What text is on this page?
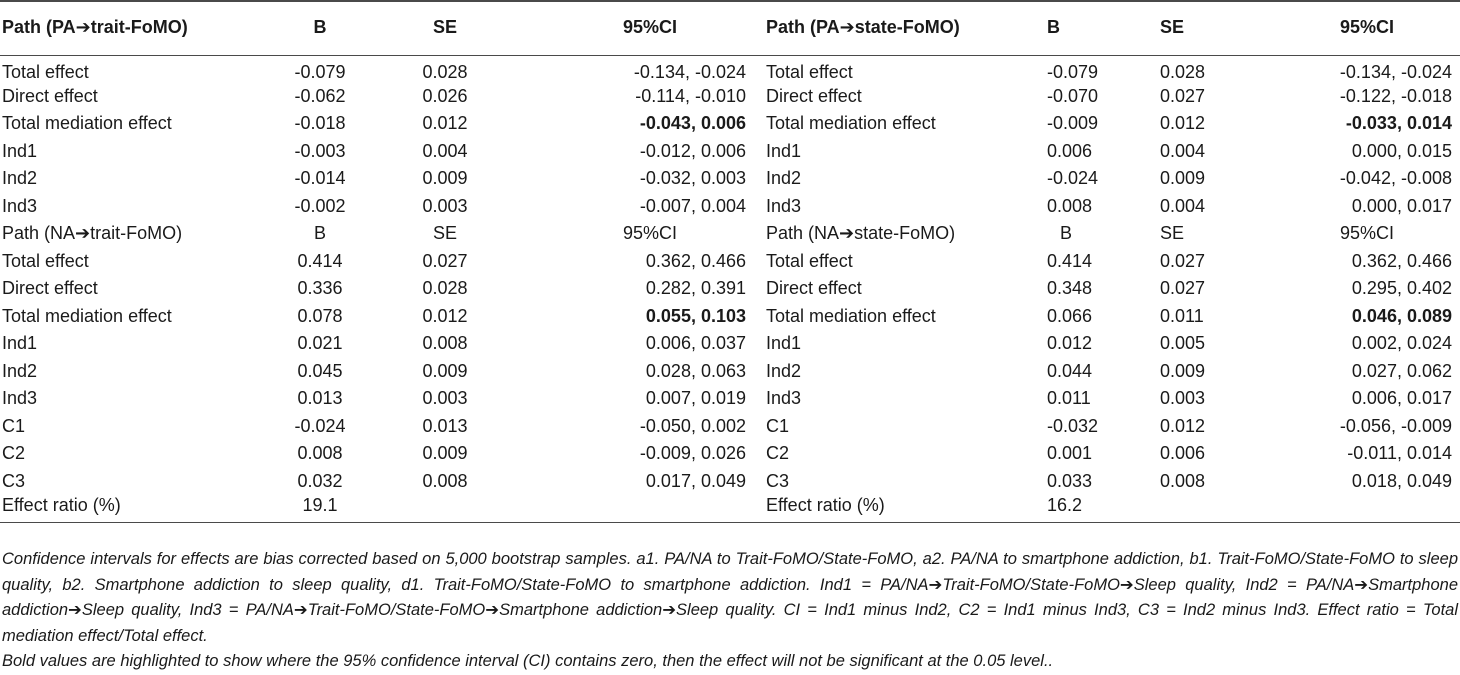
Path (PA➔trait-FoMO)	B	SE	95%CI	Path (PA➔state-FoMO)	B	SE	95%CI
Total effect	-0.079	0.028	-0.134, -0.024	Total effect	-0.079	0.028	-0.134, -0.024
Direct effect	-0.062	0.026	-0.114, -0.010	Direct effect	-0.070	0.027	-0.122, -0.018
Total mediation effect	-0.018	0.012	-0.043, 0.006	Total mediation effect	-0.009	0.012	-0.033, 0.014
Ind1	-0.003	0.004	-0.012, 0.006	Ind1	0.006	0.004	0.000, 0.015
Ind2	-0.014	0.009	-0.032, 0.003	Ind2	-0.024	0.009	-0.042, -0.008
Ind3	-0.002	0.003	-0.007, 0.004	Ind3	0.008	0.004	0.000, 0.017
Path (NA➔trait-FoMO)	B	SE	95%CI	Path (NA➔state-FoMO)	B	SE	95%CI
Total effect	0.414	0.027	0.362, 0.466	Total effect	0.414	0.027	0.362, 0.466
Direct effect	0.336	0.028	0.282, 0.391	Direct effect	0.348	0.027	0.295, 0.402
Total mediation effect	0.078	0.012	0.055, 0.103	Total mediation effect	0.066	0.011	0.046, 0.089
Ind1	0.021	0.008	0.006, 0.037	Ind1	0.012	0.005	0.002, 0.024
Ind2	0.045	0.009	0.028, 0.063	Ind2	0.044	0.009	0.027, 0.062
Ind3	0.013	0.003	0.007, 0.019	Ind3	0.011	0.003	0.006, 0.017
C1	-0.024	0.013	-0.050, 0.002	C1	-0.032	0.012	-0.056, -0.009
C2	0.008	0.009	-0.009, 0.026	C2	0.001	0.006	-0.011, 0.014
C3	0.032	0.008	0.017, 0.049	C3	0.033	0.008	0.018, 0.049
Effect ratio (%)	19.1			Effect ratio (%)	16.2		

Confidence intervals for effects are bias corrected based on 5,000 bootstrap samples. a1. PA/NA to Trait-FoMO/State-FoMO, a2. PA/NA to smartphone addiction, b1. Trait-FoMO/State-FoMO to sleep quality, b2. Smartphone addiction to sleep quality, d1. Trait-FoMO/State-FoMO to smartphone addiction. Ind1 = PA/NA➔Trait-FoMO/State-FoMO➔Sleep quality, Ind2 = PA/NA➔Smartphone addiction➔Sleep quality, Ind3 = PA/NA➔Trait-FoMO/State-FoMO➔Smartphone addiction➔Sleep quality. CI = Ind1 minus Ind2, C2 = Ind1 minus Ind3, C3 = Ind2 minus Ind3. Effect ratio = Total mediation effect/Total effect.

Bold values are highlighted to show where the 95% confidence interval (CI) contains zero, then the effect will not be significant at the 0.05 level..
